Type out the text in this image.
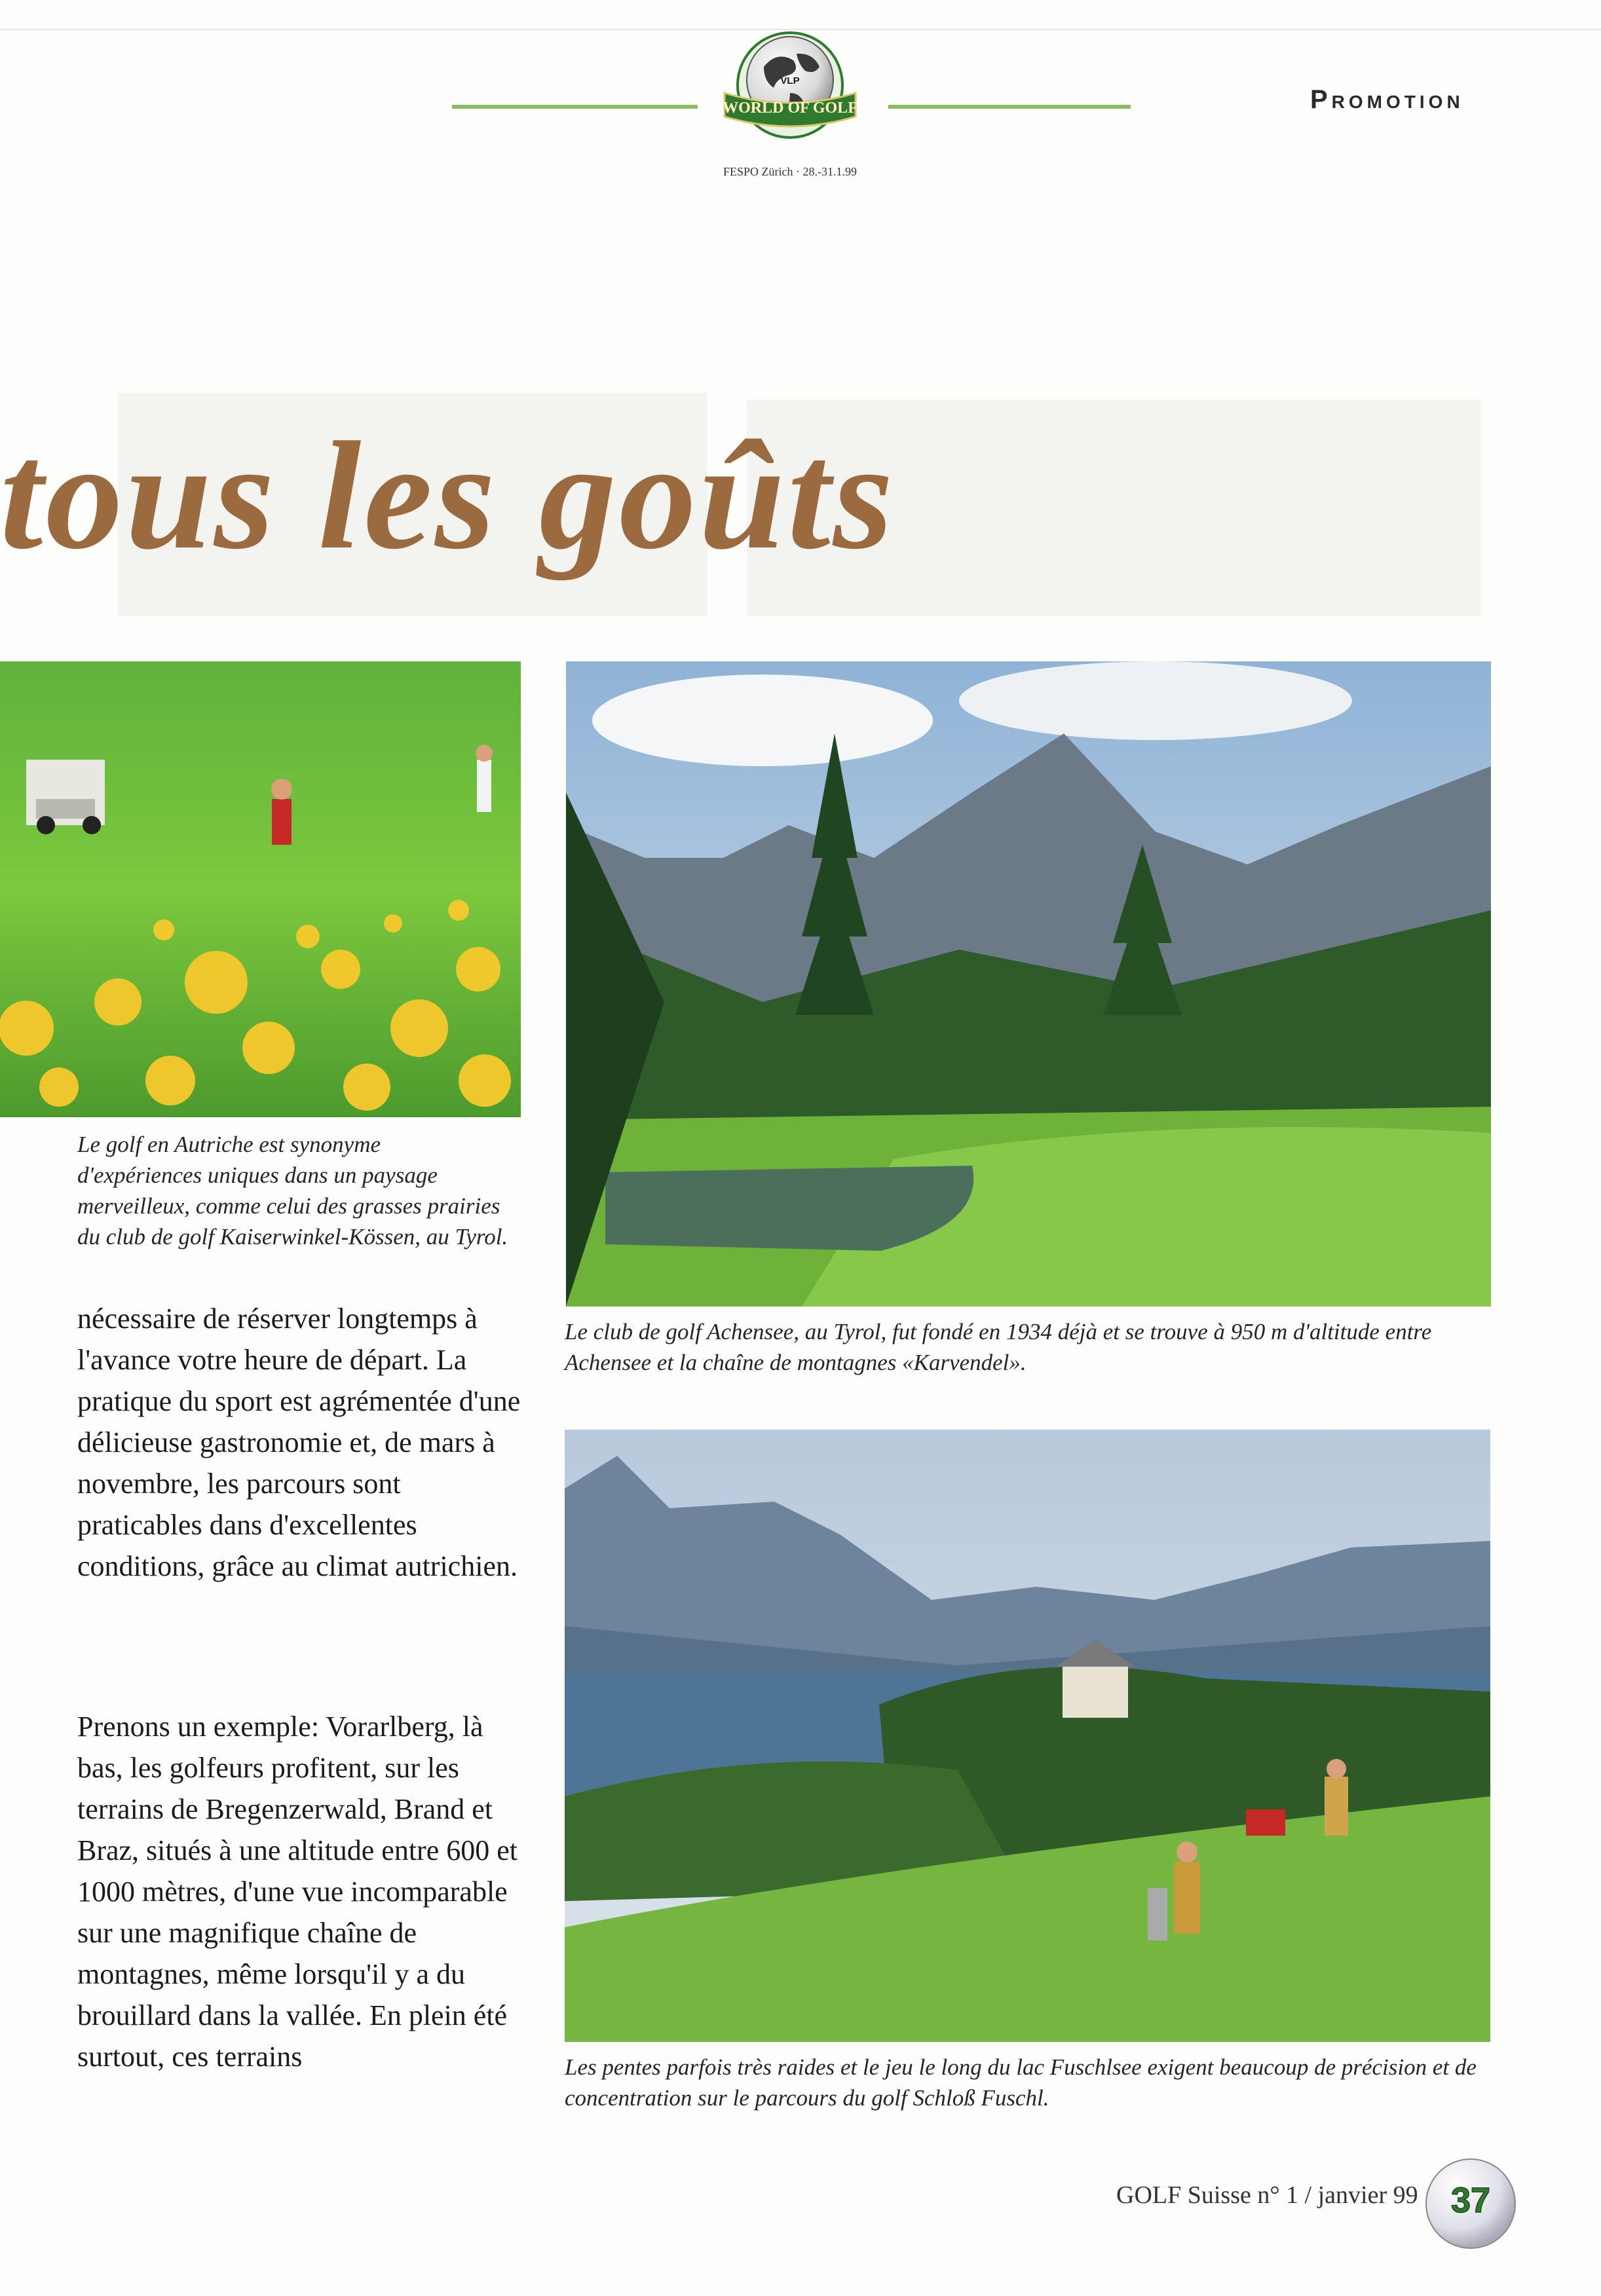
VLP
WORLD OF GOLF
FESPO Zürich · 28.-31.1.99
Promotion
tous les goûts

Le golf en Autriche est synonyme d'expériences uniques dans un paysage merveilleux, comme celui des grasses prairies du club de golf Kaiserwinkel-Kössen, au Tyrol.

Le club de golf Achensee, au Tyrol, fut fondé en 1934 déjà et se trouve à 950 m d'altitude entre Achensee et la chaîne de montagnes «Karvendel».

Les pentes parfois très raides et le jeu le long du lac Fuschlsee exigent beaucoup de précision et de concentration sur le parcours du golf Schloß Fuschl.

nécessaire de réserver longtemps à l'avance votre heure de départ. La pratique du sport est agrémentée d'une délicieuse gastronomie et, de mars à novembre, les parcours sont praticables dans d'excellentes conditions, grâce au climat autrichien.

Prenons un exemple: Vorarlberg, là bas, les golfeurs profitent, sur les terrains de Bregenzerwald, Brand et Braz, situés à une altitude entre 600 et 1000 mètres, d'une vue incomparable sur une magnifique chaîne de montagnes, même lorsqu'il y a du brouillard dans la vallée. En plein été surtout, ces terrains

GOLF Suisse n° 1 / janvier 99 37
